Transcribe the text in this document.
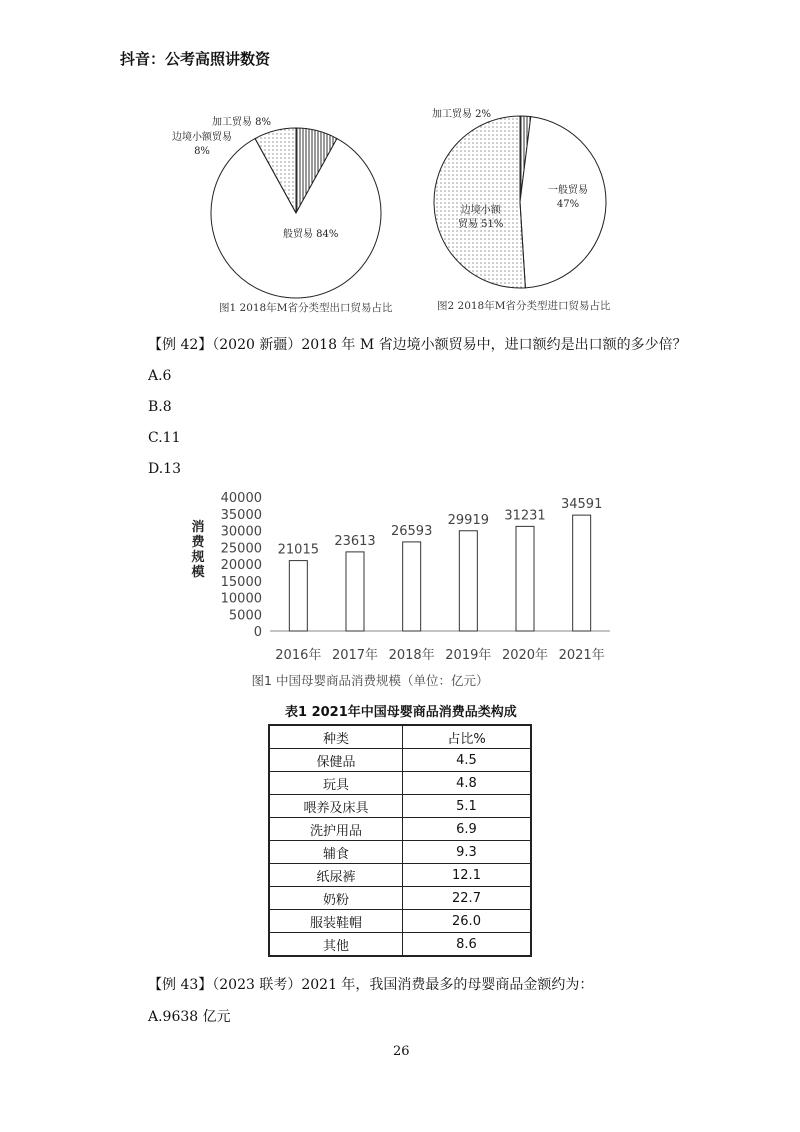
抖音：公考高照讲数资
加工贸易 8%
边境小额贸易
8%
般贸易 84%
图1 2018年M省分类型出口贸易占比
加工贸易 2%
一般贸易
47%
边境小额
贸易 51%
图2 2018年M省分类型进口贸易占比
【例 42】（2020 新疆）2018 年 M 省边境小额贸易中，进口额约是出口额的多少倍？
A.6
B.8
C.11
D.13
0
5000
10000
15000
20000
25000
30000
35000
40000
21015
2016年
23613
2017年
26593
2018年
29919
2019年
31231
2020年
34591
2021年
消
费
规
模
图1 中国母婴商品消费规模（单位：亿元）
表1 2021年中国母婴商品消费品类构成
种类	占比%
保健品	4.5
玩具	4.8
喂养及床具	5.1
洗护用品	6.9
辅食	9.3
纸尿裤	12.1
奶粉	22.7
服装鞋帽	26.0
其他	8.6
【例 43】（2023 联考）2021 年，我国消费最多的母婴商品金额约为：
A.9638 亿元
26
